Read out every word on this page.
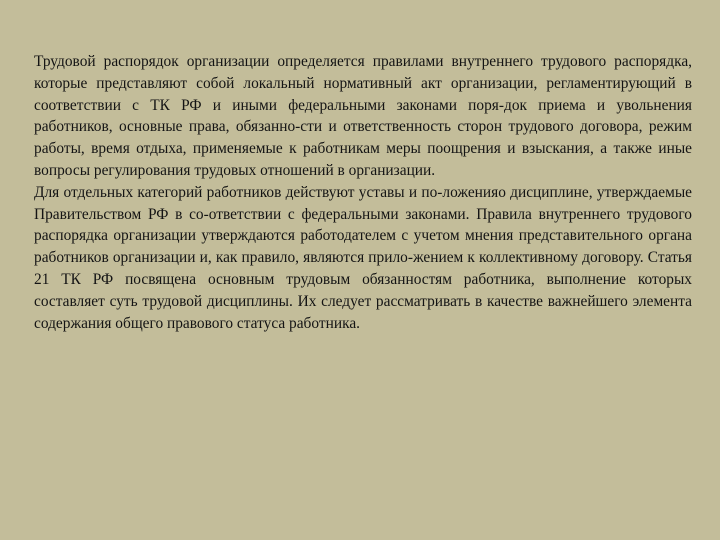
Трудовой распорядок организации определяется правилами внутреннего трудового распорядка, которые представляют собой локальный нормативный акт организации, регламентирующий в соответствии с ТК РФ и иными федеральными законами поря-док приема и увольнения работников, основные права, обязанно-сти и ответственность сторон трудового договора, режим работы, время отдыха, применяемые к работникам меры поощрения и взыскания, а также иные вопросы регулирования трудовых отношений в организации.

Для отдельных категорий работников действуют уставы и по-ложенияо дисциплине, утверждаемые Правительством РФ в со-ответствии с федеральными законами. Правила внутреннего трудового распорядка организации утверждаются работодателем с учетом мнения представительного органа работников организации и, как правило, являются прило-жением к коллективному договору. Статья 21 ТК РФ посвящена основным трудовым обязанностям работника, выполнение которых составляет суть трудовой дисциплины. Их следует рассматривать в качестве важнейшего элемента содержания общего правового статуса работника.
